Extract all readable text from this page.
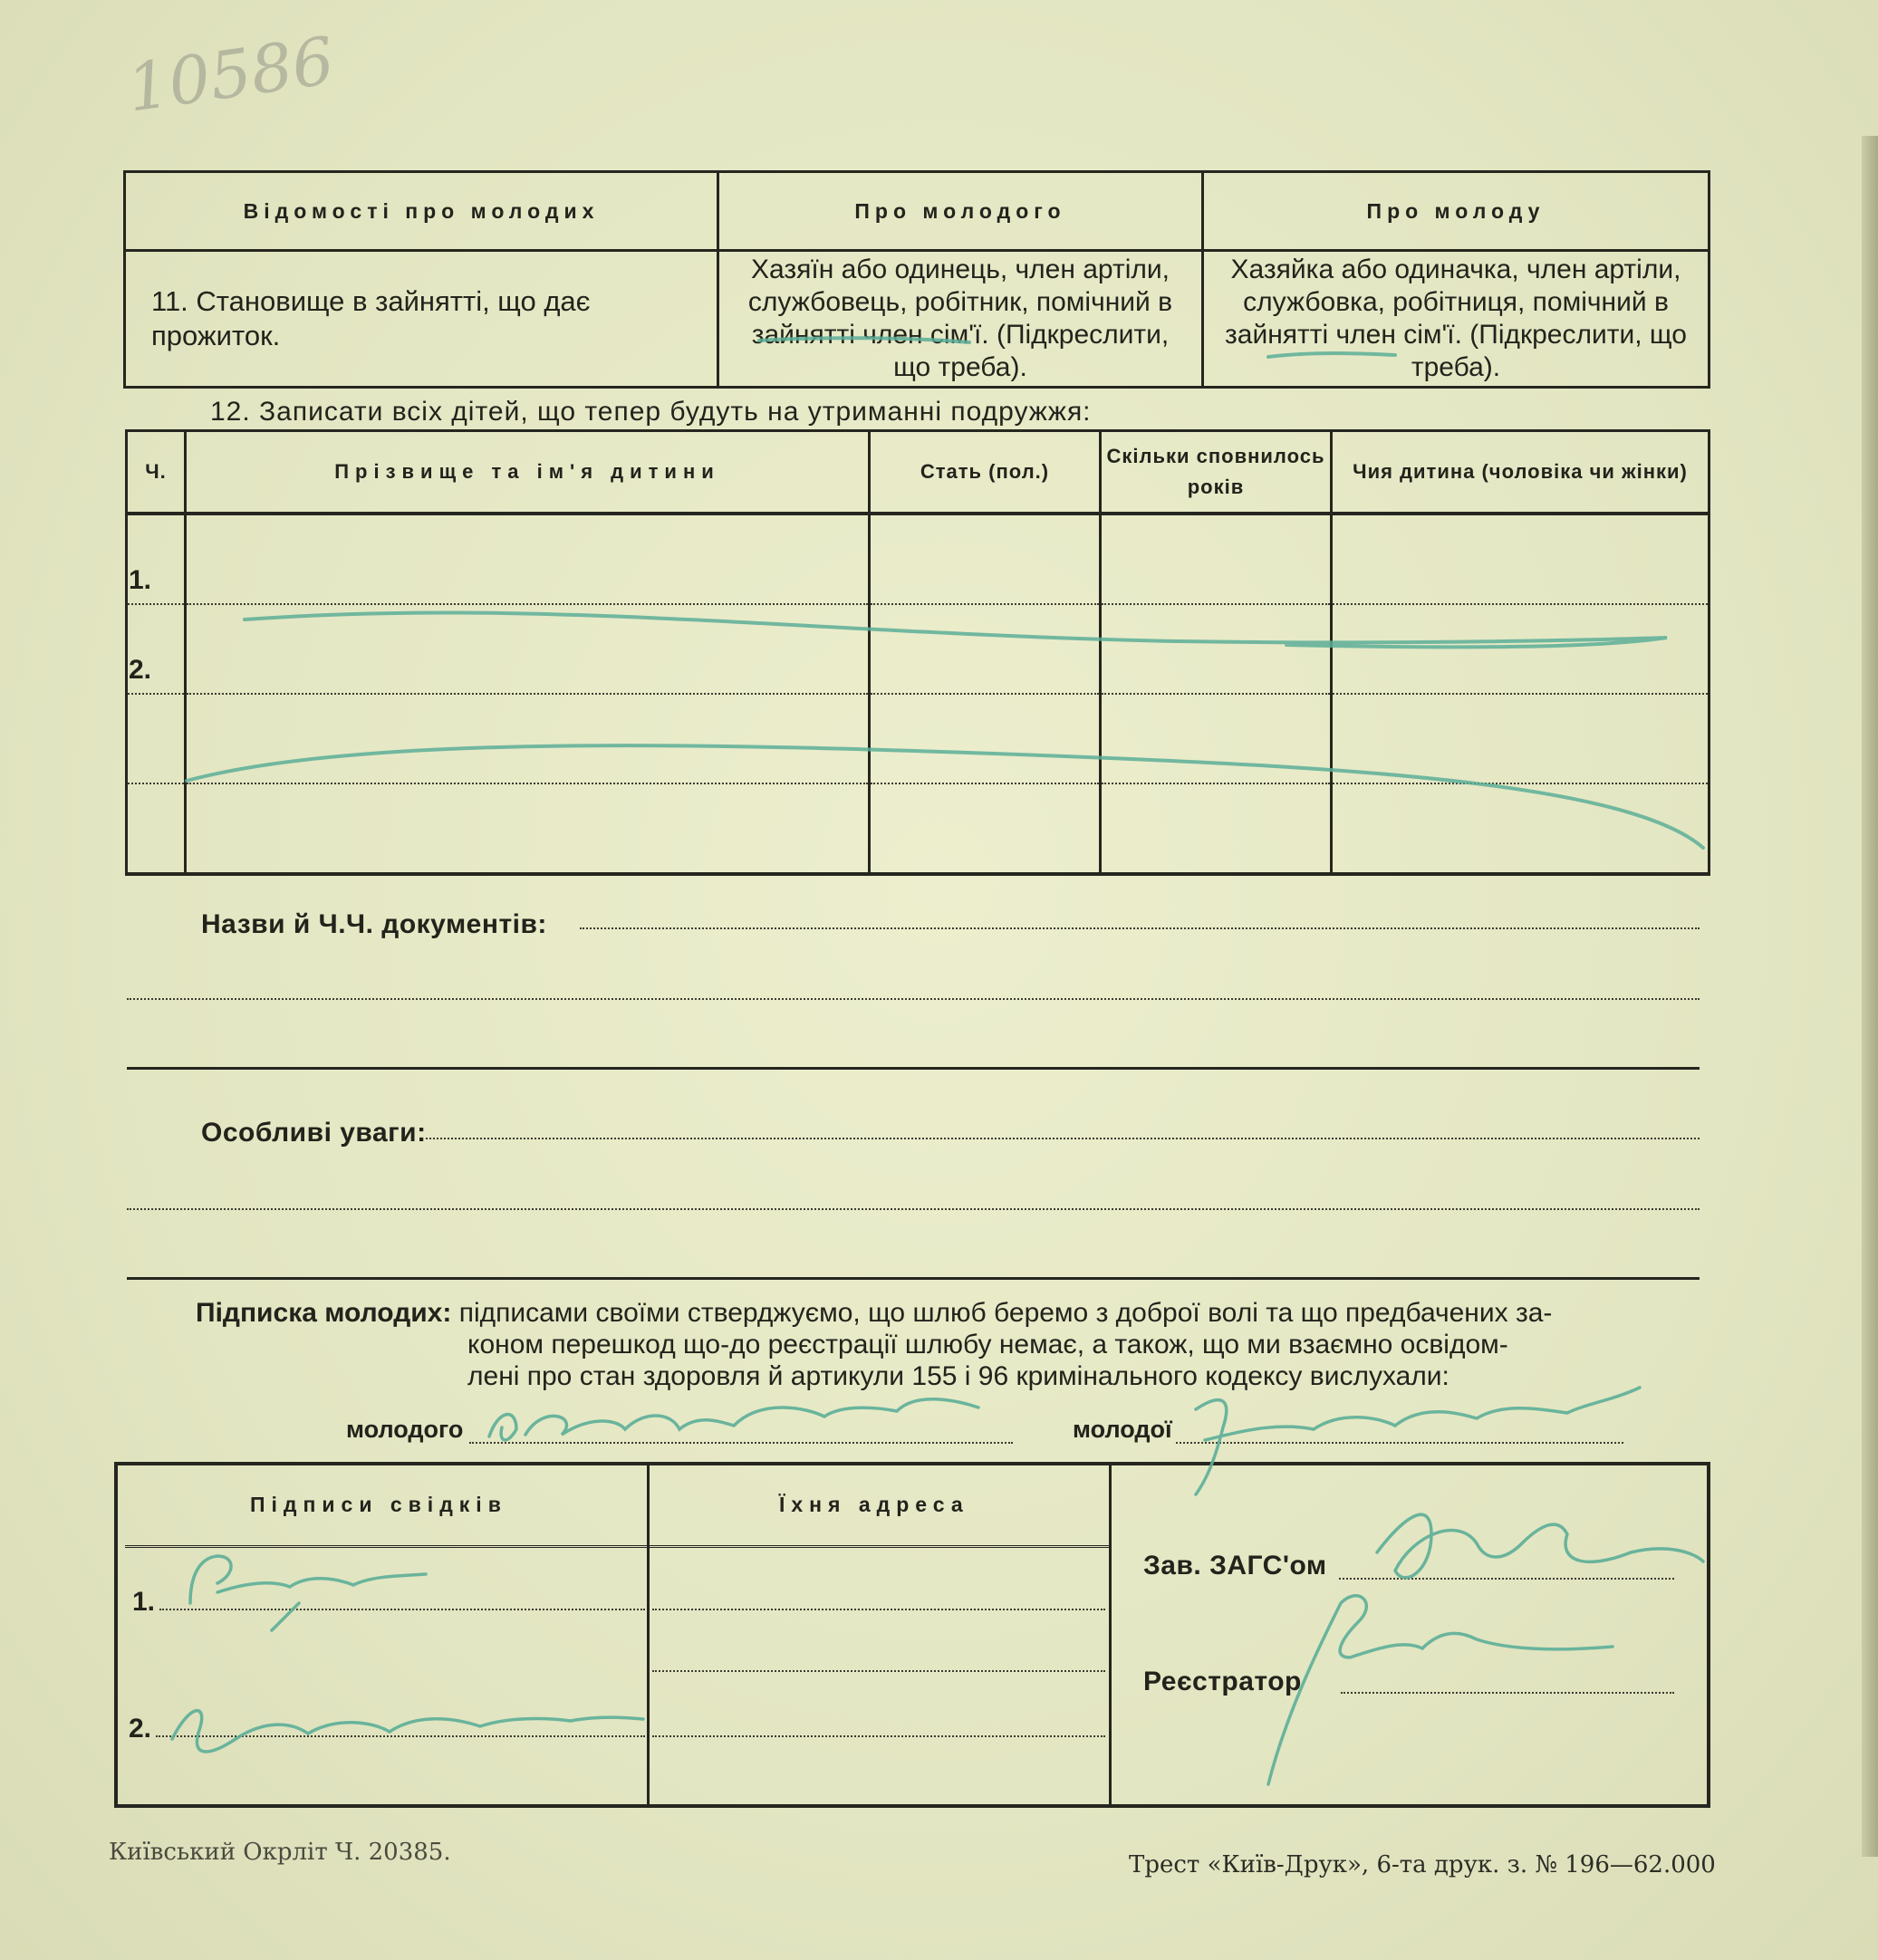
10586
Відомості про молодих	Про молодого	Про молоду
11. Становище в зайнятті, що дає прожиток.	Хазяїн або одинець, член артіли, службовець, робітник, помічний в зайнятті член сім'ї. (Підкреслити, що треба).	Хазяйка або одиначка, член артіли, службовка, робітниця, помічний в зайнятті член сім'ї. (Підкреслити, що треба).
12. Записати всіх дітей, що тепер будуть на утриманні подружжя:
Ч.	Прізвище та ім'я дитини	Стать (пол.)	Скільки сповнилось років	Чия дитина (чоловіка чи жінки)
1.				
2.				

Назви й Ч.Ч. документів:
Особливі уваги:
Підписка молодих: підписами своїми стверджуємо, що шлюб беремо з доброї волі та що предбачених за-
коном перешкод що-до реєстрації шлюбу немає, а також, що ми взаємно освідом-
лені про стан здоровля й артикули 155 і 96 кримінального кодексу вислухали:
молодого	молодої
Підписи свідків	Їхня адреса
1.
2.
Зав. ЗАГС'ом
Реєстратор
Київський Окрліт Ч. 20385.	Трест «Київ-Друк», 6-та друк. з. № 196—62.000
